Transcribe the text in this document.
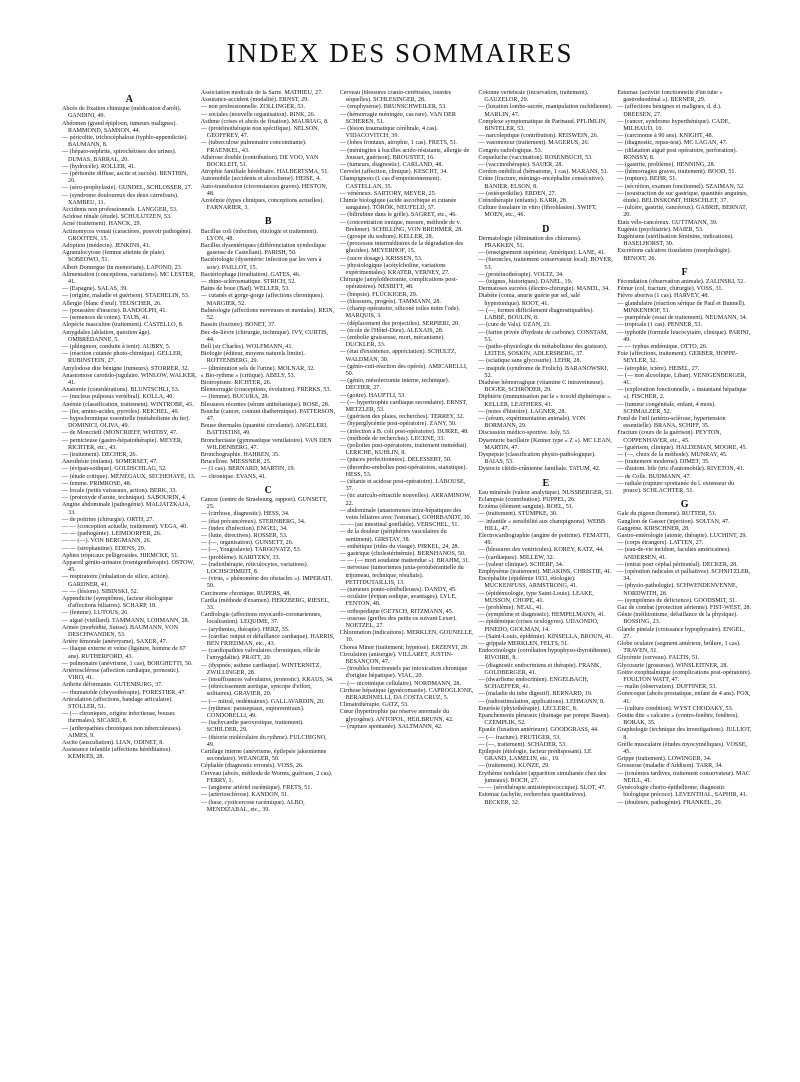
INDEX DES SOMMAIRES
A

Abcès de fixation chimique (médication d'arrêt). GANDINI, 49.

Abdomen (grand épiploon, tumeurs malignes). RAMMOND, SAMSON, 44.

— péricolite, trichocéphalose (typhlo-appendicite). BAUMANN, 8.

— (hépato-néphrite, spirochétoses des urines). DUMAS, BARRAL, 20.

— (hydrocèle). ROLLER, 41.

— (péritonite diffuse, ascite et succès). BENTHIN, 26.

— (séro-prophylaxie). GUNDEL, SCHLOSSER, 27.

— (syndrome douloureux des deux carrefours). XAMBEU, 11.

Accidents non professionnels. LANGGER, 53.

Acidose rénale (étude). SCHULUTZEN, 53.

Acné (traitement). HANCK, 29.

Actinomyces vonati (caractères, pouvoir pathogène). GROOTEN, 15.

Adoption (médecin). JENKINS, 41.

Agranulocytose (femme atteinte de plaie). SOBEOWO, 51.

Albert Domergue (in memoriam). LAFOND, 23.

Alimentation (conceptions, variations). MC LESTER, 41.

— (Espagne). SALAS, 39.

— (origine, maladie et guérison). STAEHELIN, 53.

Allergie (blanc d'œuf). TEUSCHER, 26.

— (poussière d'insecte). RANDOLPH, 41.

— (semences de coton). TAUB, 41.

Alopécie masculine (traitement). CASTELLO, 8.

Amygdales (ablation, question âge). OMBRÉDANNE, 5.

— (phlegmon, conduite à tenir). AUBRY, 5.

— (réaction cutanée photo-chimique). GELLER, RUBINSTEIN, 27.

Amylodose dite bénigne (rumeurs). STORRER, 32.

Anastomose carotido-jugulaire. WINLOW, WALKER, 41.

Anatomie (considérations). BLUNTSCHLI, 53.

— (nucleus pulposus vertébral). KOLLA, 40.

Anémie (classification, traitement). WINTROBE, 43.

— (fer, amino-acides, pyrroles). REICHEL, 40.

— hypochromique essentielle (métabolisme du fer). DOMINICI, OLIVA, 49.

— de Moncrieff (MONCRIEFF, WHITBY, 47.

— pernicieuse (gastro-hépatothérapie). MEYER, RICHTER, etc., 43.

— (traitement). DECHER, 26.

Anesthésie (enfants). SOMERSET, 47.

— (évipan-sodique). GOLDSCHLAG, 52.

— (étude critique). MÉNÉGAUX, SECHEHAYE, 13.

— femme. PRIMROSE, 48.

— locale (petits vaisseaux, action). BERK, 33.

— (protoxyde d'azote, technique). SABOURIN, 4.

Angine abdominale (pathogénie). MALJATZKAJA, 33.

— de poitrine (chirurgie). ORTH, 27.

— — (conception actuelle, traitement). VEGA, 40.

— — (pathogénie). LEIMDORFER, 26.

— — (—). VON BERGMANN, 26.

— — (strophantine). EDENS, 29.

Aphtes tropicaux pelligrosides. HIEMCKE, 51.

Appareil génito-urinaire (roentgenthérapie). OSTOW, 45.

— respiratoire (inhalation de silice, action). GARDNER, 41.

— — (lésions). SIBINSKI, 52.

Appendicite (symptômes, facteur étiologique d'affections biliaires). SCHARP, 18.

— (femme). LUTOUS, 26.

— aiguë (vieillard). TAMMANN, LOHMANN, 28.

Armée (morbidité, Suisse). BAUMANN, VON DESCHWANDEN, 53.

Artère fémorale (anévrysme). SAXER, 47.

— iliaque externe et veine (ligature, homme de 67 ans). RUTHERFORD, 43.

— pulmonaire (anévrisme, 1 cas), BORGHETTI, 50.

Artériosclérose (affection cardiaque, pronostic). VIRO, 41.

Arthrite déformante. GUTENBURG, 37.

— rhumatoïde (chrysothérapie). FORESTIER, 47.

Articulation (affections, bandage articulaire). STOLLER, 51.

— (— chroniques, origine infectieuse, bouses thermales). SICARD, 8.

— (arthropathies chroniques non tuberculeuses). AIMES, 9.

Ascite (auscultation). LIAN, ODINET, 8.

Assistance infantile (affections héréditaires). KEMKES, 28.

Association médicale de la Sarre. MATHIEU, 27.

Assurance-accident (modalité). ERNST, 29.

— non professionnelle. ZOLLINGER, 53.

— sociales (nouvelle organisation). RINK, 26.

Asthme (crises et abcès de fixation). MAURIAG, 8.

— (protéinothérapie non spécifique). NELSON, GEOFFREY, 47.

— (tuberculose pulmonaire concomitante). FRAENKEL, 43.

Athérose double (contribution). DE VOO, VAN BOCKLEIT, 51.

Atrophie familiale héréditaire. HALBERTSMA, 51.

Automobile (accidents et alcoolisme). HEISE, 4.

Auto-transfusion (circonstances graves). HESTON, 48.

Azotémie (types cliniques, conceptions actuelles). FARNARIER, 3.

B

Bacillus coli (infection, étiologie et traitement). LYON, 48.

Bacilles dysentériques (différenciation symbolique gaseuse de Castellani). PARISH, 50.

Bactériologie (dysentérie: infection par les vers à soie). PAILLOT, 15.

Bactériophage (irradiation). GATES, 46.

— rhino-sclérosmatique. STRICH, 52.

Bains de boue (Bad). WELLER, 53.

— cutanés et gorge-gorge (affections chroniques). MARGIER, 52.

Balnéologie (affections nerveuses et mentales). REIN, 52.

Bassin (fracture). BONET, 37.

Bec-de-lièvre (chirurgie, technique). IVY, CURTIS, 44.

Bell (sir Charles). WOLFMANN, 41.

Biologie (éditeur, moyens naturels limite). ROTTENBERG, 29.

— (diminution sels de l'urine). MOLNAR, 32.

« Bio-rythme » (critique). ABELY, 53.

Biotropisme. RICHTER, 26.

Blennorragie (conceptions, évolution). FRERKS, 53.

— (femme). BUCURA, 28.

Blessures récentes (sérum antitétanique). ROSE, 28.

Bouche (cancer, courant diathermique). PATTERSON, 47.

Bouse thermales (quantité circulante). ANGELERI, BATTISTINI, 49.

Bronchectasie (gymnastique ventilatoire). VAN DEN WILDENBERG, 47.

Bronchographie. HAHREN, 35.

Brucellose. MIESSNER, 25.

— (1 cas). BERNARD, MARTIN, 19.

— chronique. EVANS, 41.

C

Cancer (centre de Strasbourg, rapport). GUNSETT, 25.

— (cirrhose, diagnostic). HESS, 34.

— (état précancéreux). STERNBERG, 34.

— (index d'infection). ENGEL, 34.

— (lutte, directives). ROSSER, 53.

— (—, organisation). GUNSETT, 26.

— (—, Yougoslavie). TARGOVATZ, 53.

— (problème). KARITZKY, 33.

— (radiothérapie, réticulocytes, variations). LOCHSCHMIDT, 8.

— (virus, « phénomène des obstacles »). IMPERATI, 50.

Carcinome chronique. RUPERS, 48.

Cardia (méthode d'examen). HERZBERG, RIESEL, 33.

Cardiologie (affections myocardo-coronariennes, localisation). LEQUIME, 37.

— (arythmies, thérapie). HERZ, 35.

— (cardiac output et défaillance cardiaque). HARRIS, BEN FRIEDMAN, etc., 43.

— (cardiopathies valvulaires chroniques, rôle de l'amygdalite). PRATT, 20.

— (dyspnée, asthme cardiaque). WINTERNITZ, ZWILLINGER, 28.

— (insuffisances valvulaires, pronostic). KRAUS, 34.

— (rétrécissement aortique, syncope d'effort, solitaires). GRAVIER, 20.

— (— mitral, oedémateux). GALLAVARDIN, 20.

— (rythmes: paraseptaux, supraventraux). CONDORELLI, 49.

— (tachycardie paroxystique, traitement). SCHILDER, 29.

— (théorie moléculaire du rythme). FULCHIGNO, 49.

Cartilage interne (anévrisme, épilepsie jaksonienne secondaire). WEANGER, 50.

Céphalée (diagnostic erronés). VOSS, 26.

Cerveau (abcès, méthode de Worms, guérison, 2 cas). FERRY, 1.

— (angiome artériel racémique). FRETS, 51.

— (artériosclérose). KANDON, 51.

— (base, cysticercose racémique). ALBO, MENDIZABAL, etc., 39.

Cerveau (blessures cranio-cérébrales, lourdes séquelles). SCHLESINGER, 28.

— (emphysème). BRUNSCHWEILER, 53.

— (hémorragie méningée, cas rare). VAN DER SCHEREN, 51.

— (lésion traumatique cérébrale, 4 cas). VIDACOVITCH, 39.

— (lobes frontaux, atrophie, 1 cas). FRETS, 51.

— (méningites à bacilles acido-résistants, allergie de Jousset, guérison). BROUSTET, 16.

— (tumeurs, diagnostic). CARLAND, 48.

Cervelet (affection, clinique). KESCHT, 34.

Champignons (1 cas d'empoisonnement). CASTELLAN, 35.

— vénéneux. SARTORY, MEYER, 25.

Chimie biologique (acide ascorbique et cutanée sanguine). TÖRÖK, NEUFELD, 37.

— (bilirubine dans le grêle). SAGRET, etc., 46.

— (concentration ionique, mesure, méthode de v. Brehmer). SCHILLING, VON BREHMER, 28.

— (groupe du sodium). KELLER, 28.

— (processus intermédiaires de la dégradation des glucides). MEYERHOF, 15.

— (sucre dosage). KRISSEN, 53.

— physiologique (acétylcholine, variations expérimentales). KRATER, VERNEY, 27.

Chirurgie (amyloïdectomie, complications post-opératoires). NESBITT, 48.

— (biopsie). FLÜCKIGER, 29.

— (blessures, progrès). TAMMANN, 28.

— (champ opératoire, siliconé toiles notre l'ode). MARQUIS, 3.

— (déplacement des projectiles). SERPIERI, 20.

— (école de l'Hôtel-Dieu). ALEXAIS, 28.

— (embolie graisseuse, mort, mécanisme). DUCKLER, 33.

— (état d'exsistence, appréciation). SCHULTZ, WALDMAN, 30.

— (génio-cuti-réaction des opérés). AMICARELLI, 50.

— (génio, mésolectomie interne, technique). DECHER, 27.

— (goitre). HAUPTLI, 53.

— (— hypertrophie cardiaque secondaire). ERNST, METZLER, 53.

— (guérison des plaies, recherches). TERREY, 32.

— (hyperglycémie post-opératoire). ZANY, 50.

— (infection à B. coli post-opératoire). DURRE, 48.

— (méthode de recherches). LECENE, 33.

— (polioites post-opératoires, traitement immédiat). LERICHE, KUHLIN, 8.

— (pinces perfectionnées). DELESSERT, 50.

— (thrombo-embolies post-opératoires, statistique). HESS, 53.

— (tétanie et acidose post-opératoire). LABOUSE, 37.

— (tic auriculo-rétractile nouvelles). ARRAMINOW, 22.

— abdominale (anastomoses intra-hépatiques des voies biliaires avec l'estomac). GOHRBANDT, 30.

— — (au intestinal gonflable). VERSCHEL, 51.

— de la douleur (périphéries vasculaires du sentiment). GIRSTAY, 38.

— esthétique (rides du visage). PIRKEL, 24, 28.

— gastrique (cholestérinémie). BERNHANOS, 50.

— — (— mort soudaine inattendue »). BRAHM, 31.

— nerveuse (tumorismes juxta-protubérantielle du trijumeau, technique, résultats). PETITDUTAILLIS, 13.

— (tumeurs ponto-cérébelleuses). DANDY, 45.

— oculaire (évipan sodique, avantages). LYLE, FENTON, 48.

— orthopédique (GETSCH, RITZMANN, 45.

— osseuse (greffes des petits os suivant Lexer). NOETZEL, 27.

Chloruration (indications). MERKLEN, GOUNELLE, 10.

Chorea Minor (traitement: hypnose). ERZENYI, 29.

Circulation (anisergie). VILLARET, JUSTIN-BESANÇON, 47.

— (troubles fonctionnels par intoxication chronique d'origine hépatique). VIAL, 20.

— (— nicotinique cellulaire). NORDMANN, 28.

Cirrhose hépatique (gynécomastie). CAPROGLIONE, BERARDINELLI, DA COSTA CRUZ, 5.

Climatothérapie. GATZ, 53.

Cœur (hypertrophie par réserve anormale du glycogène). ANTOPOL, HEILBRUNN, 42.

— (rupture spontanée). SALTMANN, 42.

Colonne vertébrale (incurvation, traitement). GAUZELOR, 29.

— (luxation lombo-sacrée, manipulation rachidienne). MARLIN, 47.

Complexe symptomatique de Parinaud. PFLIMLIN, BINTELER, 53.

— narcoleptique (contribution). REISWEIN, 26.

— vasomoteur (traitement). MAGERUS, 26.

Congrès radiologique. 53.

Coqueluche (vaccination). ROSENBUCH, 53.

— (vaccinothérapie). SAUER, 28.

Cordon ombilical (hématome, 1 cas). MARANS, 51.

Crâne (fracture, méningo-encéphalite consécutive). BANIER, ELSON, 8.

— (ostéopoïkilie). ERDEN, 27.

Crénothérapie (enfants). KARR, 28.

Culture tissulaire in vitro (fibroblastes). SWIFT, MOEN, etc., 46.

D

Dermatologie (élimination des chlorures). PRAKKEN, 51.

— (enseignement supérieur, Amérique). LANE, 41.

— (furoncles, traitement conservateur local). BOYER, 53.

— (protéinothérapie). VOLTZ, 34.

— (teignes, historiques). DANEL, 19.

Dermatoses sucrées (électro-chirurgie). MANDL, 34.

Diabète (coma, anurie guérie par sel, salé hypertonique). ROOT, 41.

— (—, formes difficilement diagnostiquables). LABBÉ, BOULIN, 8.

— (cure de Vals). UZAN, 23.

— (farine privée d'hydrate de carbone). CONSTAM, 53.

— (patho-physiologie du métabolisme des graisses). LEITES, SOSKIN, ADLERSBERG, 37.

— (sciatique sans glycosurie). LEHR, 28.

— insipide (syndrome de Frolich). BARANOWSKI, 52.

Diathèse hémorragique (vitamine C intraveineuse). BOGER, SCHRÖDER, 29.

Diphtérie (immunisation par le « toxoïd diphtérique ». KELLER, LEATHERS, 41.

— (notes d'histoire). LAGNER, 28.

— (sérum, expérimentation animale). VON BORMANN, 29.

Discussion médico-sportive. Joly, 53.

Dysenterie bacillaire (Kenner type « Z »). MC LEAN, MARTIN, 47.

Dyspepsie (classification physio-pathologique). BAIAS, 53.

Dystocie cléido-crânienne familiale. TATUM, 42.

E

Eau minérale (valeur analytique). NUSSBERGER, 53.

Eclampsie (contribution). PUPPEL, 26.

Eczéma (élément sanguin). ROEL, 51.

— (traitement). STÜMPKE, 30.

— infantile « sensibilité aux champignons). WEBB HILL, 47.

Electrocardiographie (angine de poitrine). FEMATTI, 49.

— (blessures des ventricules). KOREY, KATZ, 44.

— (cardiaques). MILLEW, 32.

— (valeur clinique). SCHERF, 34.

Emphysème (traitement). MEAKINS, CHRISTIE, 41.

Encéphalite (épidémie 1933, étiologie). MUCKENFUSS, ARMSTRONG, 41.

— (épidémiologie, type Saint-Louis). LEAKE, MUSSON, CHOPE, 41.

— (problème). NEAL, 41.

— (symptôme et diagnostic). HEMPELMANN, 41.

— épidémique (crises oculogyres). UDAONDO, PINEDO, GIOLMAN, 14.

— (Saint-Louis, épidémie). KINSELLA, BROUN, 41.

— grippale MERKLEN, FELTS, 51.

Endocrinologie (corrélation hypophyso-thyroïdienne). RIVOIRE, 8.

— (diagnostic endocriniens et thérapie). FRANK, GOLDBERGER, 41.

— (dwarfisme endocrinien). ENGELBACH, SCHAEFFER, 41.

— (maladie du tube digestif). BERNARD, 19.

— (radiostimulation, applications). LEHMANN, 8.

Enurésie (phytothérapie). LECLERC, 8.

Epanchements pleuraux (drainage par pompe Busen). CZEMPLIK, 52.

Epaule (luxation antérieure). GOODGRASS, 44.

— (— fracture). FRUTIGER, 53.

— (—, traitement). SCHÄDER, 53.

Epilepsie (étiologie, facteur prédisposant). LE GRAND, LAMELIN, etc., 19.

— (traitement). KUNZE, 29.

Erythème nodulaire (apparition simultanée chez des jumeaux). ROCH, 27.

— — (sérothérapie antistreptococcique). SLOT, 47.

Estomac (achylie, recherches quantitatives). BECKER, 32.

Estomac (activité fonctionnelle d'un tube « gastroduodénal »). BERNER, 29.

— (affections bénignes et malignes, d. d.). DREESEN, 27.

— (cancer, syndrome hyperthénique). CADE, MILHAUD, 10.

— (carcinome à 90 ans). KNIGHT, 48.

— (diagnostic, repas-test). MC LAGAN, 47.

— (dilatation aiguë post opératoire, perforation). RONSSY, 8.

— (gastrite, problème). HENNING, 28.

— (hémorragies graves, traitement). BOOD, 51.

— (rupture). BEHR, 51.

— (sécrétion, examen fonctionnel). SZAIMAN, 52.

— (soustraction de suc gastrique, quantités anguines, étude). BELINSKOMT, HIRSCHLET, 37.

— (ulcère, gastrite, cancéreux). GABRIE, BERNAT, 20.

Etats vélo-cancéreux. GUTTMANN, 39.

Eugénie (psychiatrie). MAIER, 53.

Eugénisme (stérilisation féminine, indications). HASELHORST, 30.

Excrétions calcaires tissulaires (morphologie). BENOIT, 26.

F

Fécondation (observation animale). ZALINSKI, 52.

Fémur (col, fracture, chirurgie). VOSS, 31.

Fièvre aboriva (1 cas). HARVEY, 48.

— glandulaire (réaction sérique de Paul et Bunnell). MINKENHOF, 51.

— puerpérale (essai de traitement). NEUMANN, 34.

— tropicale (1 cas). PENNER, 53.

— typhoïde (formule leucocytaire, clinique). PARINI, 49.

— — typhus endémique. OTTO, 26.

Foie (affections, traitement). GERBER, HOPPE-SEYLER, 32.

— (atrophie, ictère). HEBEL, 27.

— (— non alcoolique, Liban). VENIGENBERGER, 41.

— (exploration fonctionnelle, « instantané hépatique »). FISCHER, 2.

— (tumeur congénitale, enfant, 4 mois). SCHMALZER, 52.

Fond de l'œil (artério-sclérose, hypertension essentielle). BRANA, SCHIFF, 35.

Fracture (cours de la guérison). PEYTON, COPPENHAVER, etc., 45.

— (guérison, clinique). HALDEMAN, MOORE, 45.

— (—, choix de la méthode). MUNRAY, 45.

— (traitement moderne). DIMET, 35.

— d'autom. bile (tric d'automobile). RIVETON, 41.

— de Colle. BUDMANN, 47.

— radiale (rupture spontanée du l. extenseur du pouce). SCHLACHTER, 51.

G

Gale du pigeon (homme). RUTTER, 51.

Ganglion de Gasser (injection). SOLTAN, 47.

Gangrène. KIRSCHNER, 28.

Gastro-entérologie (atonie, thérapie). LUCHINT, 29.

— (corps étrangers). LATTEN, 27.

— (eau-de-vie incident, facultés américaines). ANDERSEN, 41.

— (entrai pour céphal péritonéal). DECKER, 28.

— (opération radicales et palliatives). SCHNITZLER, 34.

— (physio-pathologie). SCHWENDENVENNE, NORDWITH, 28.

— (symptômes de déficience). GOODSMIT, 51.

Gaz de combat (protection aérienne). FIST-WEST, 28.

Génie (méthionisme, défaillance de la physique). BOSSING, 23.

Glande pinéale (croissance hypophysaire). ENGEL, 27.

Globe oculaire (segment antérieur, brûlure, 1 cas). TRAVEN, 51.

Glycémie (cerveau). FALTIS, 51.

Glycosurie (grossesse). WINSLEITNER, 28.

Goitre exophtalmique (complications post-opératoire). FOULTON WATT, 47.

— malin (observation). DUFFINER, 53.

Gonocoque (abcès prostatique, enfant de 4 ans). FOX, 41.

— (culture condition). WYST CHODAKY, 53.

Goutte dite « calcaire » (contro-fenêtre, fenêtres). BORAK, 35.

Graphologie (technique des investigations). JULLIOT, 8.

Grèfle musculaire (études myocyméliques). VOSSE, 45.

Grippe (traitement). LOWINGER, 34.

Grossesse (maladie d'Addison). TARR, 34.

— (toxémies tardives, traitement conservateur). MAC NEILL, 41.

Gynécologie chorio-épithéliome, diagnostic biologique précoce). LEVENTHAL, SAPHIR, 41.

— (douleurs, pathogénie). FRANKEL, 29.
